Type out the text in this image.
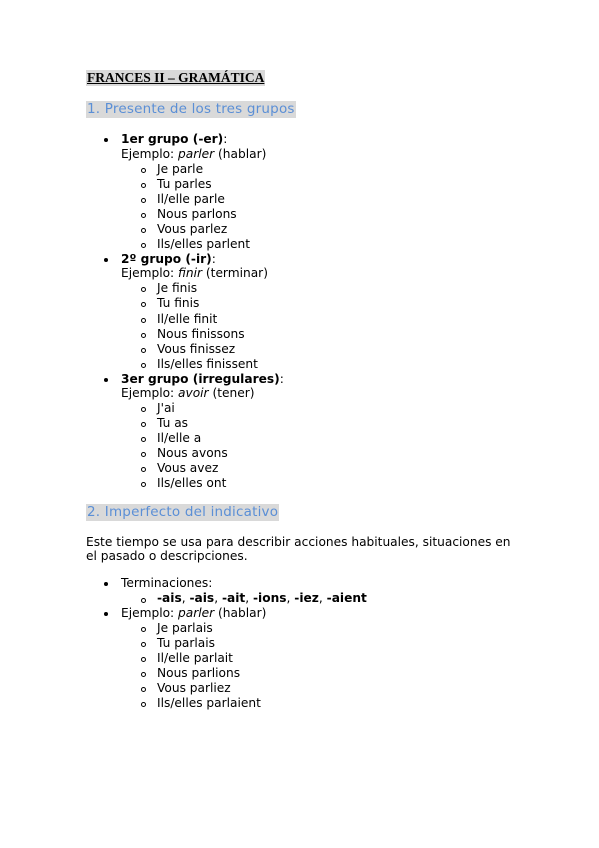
FRANCES II – GRAMÁTICA
1. Presente de los tres grupos
1er grupo (-er):
Ejemplo: parler (hablar)
Je parle
Tu parles
Il/elle parle
Nous parlons
Vous parlez
Ils/elles parlent
2º grupo (-ir):
Ejemplo: finir (terminar)
Je finis
Tu finis
Il/elle finit
Nous finissons
Vous finissez
Ils/elles finissent
3er grupo (irregulares):
Ejemplo: avoir (tener)
J'ai
Tu as
Il/elle a
Nous avons
Vous avez
Ils/elles ont
2. Imperfecto del indicativo
Este tiempo se usa para describir acciones habituales, situaciones en
el pasado o descripciones.
Terminaciones:
-ais, -ais, -ait, -ions, -iez, -aient
Ejemplo: parler (hablar)
Je parlais
Tu parlais
Il/elle parlait
Nous parlions
Vous parliez
Ils/elles parlaient
